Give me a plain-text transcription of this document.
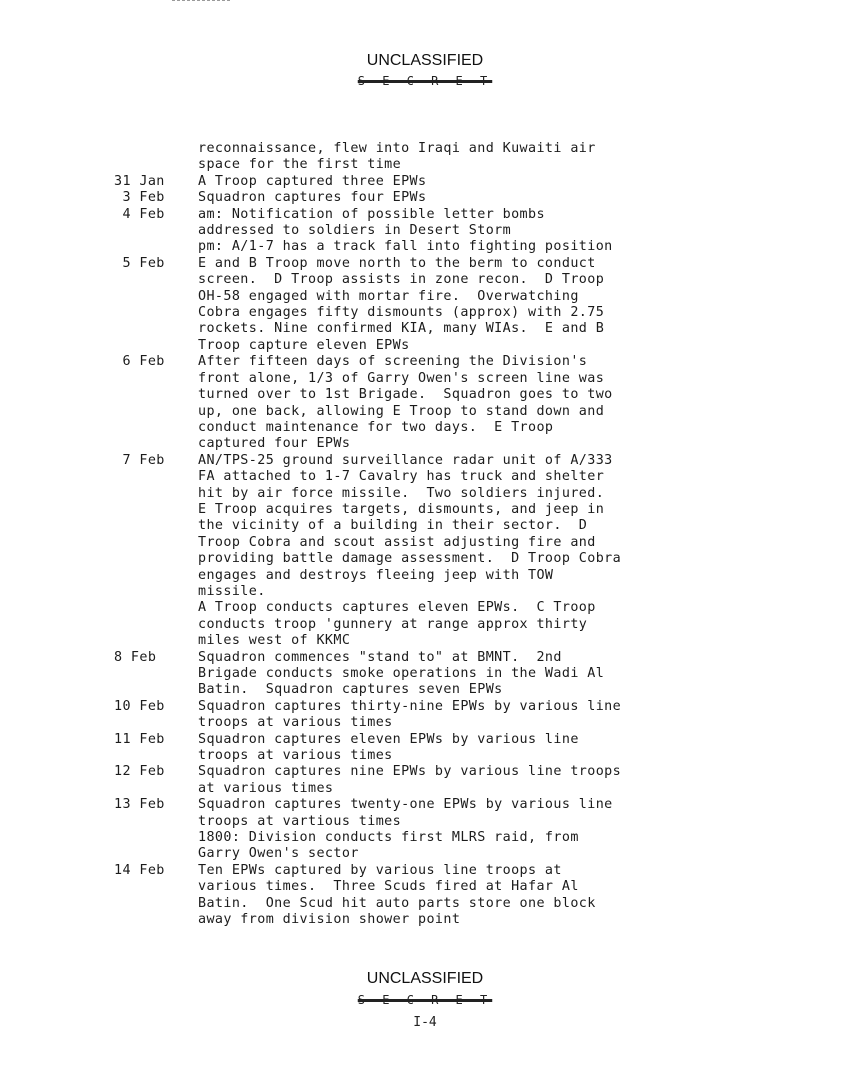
UNCLASSIFIED
S E C R E T
reconnaissance, flew into Iraqi and Kuwaiti air
space for the first time
31 Jan	A Troop captured three EPWs
3 Feb	Squadron captures four EPWs
4 Feb	am: Notification of possible letter bombs
addressed to soldiers in Desert Storm
pm: A/1-7 has a track fall into fighting position
5 Feb	E and B Troop move north to the berm to conduct
screen.  D Troop assists in zone recon.  D Troop
OH-58 engaged with mortar fire.  Overwatching
Cobra engages fifty dismounts (approx) with 2.75
rockets. Nine confirmed KIA, many WIAs.  E and B
Troop capture eleven EPWs
6 Feb	After fifteen days of screening the Division's
front alone, 1/3 of Garry Owen's screen line was
turned over to 1st Brigade.  Squadron goes to two
up, one back, allowing E Troop to stand down and
conduct maintenance for two days.  E Troop
captured four EPWs
7 Feb	AN/TPS-25 ground surveillance radar unit of A/333
FA attached to 1-7 Cavalry has truck and shelter
hit by air force missile.  Two soldiers injured.
E Troop acquires targets, dismounts, and jeep in
the vicinity of a building in their sector.  D
Troop Cobra and scout assist adjusting fire and
providing battle damage assessment.  D Troop Cobra
engages and destroys fleeing jeep with TOW
missile.
A Troop conducts captures eleven EPWs.  C Troop
conducts troop 'gunnery at range approx thirty
miles west of KKMC
8 Feb	Squadron commences "stand to" at BMNT.  2nd
Brigade conducts smoke operations in the Wadi Al
Batin.  Squadron captures seven EPWs
10 Feb	Squadron captures thirty-nine EPWs by various line
troops at various times
11 Feb	Squadron captures eleven EPWs by various line
troops at various times
12 Feb	Squadron captures nine EPWs by various line troops
at various times
13 Feb	Squadron captures twenty-one EPWs by various line
troops at vartious times
1800: Division conducts first MLRS raid, from
Garry Owen's sector
14 Feb	Ten EPWs captured by various line troops at
various times.  Three Scuds fired at Hafar Al
Batin.  One Scud hit auto parts store one block
away from division shower point
UNCLASSIFIED
S E C R E T
I-4
